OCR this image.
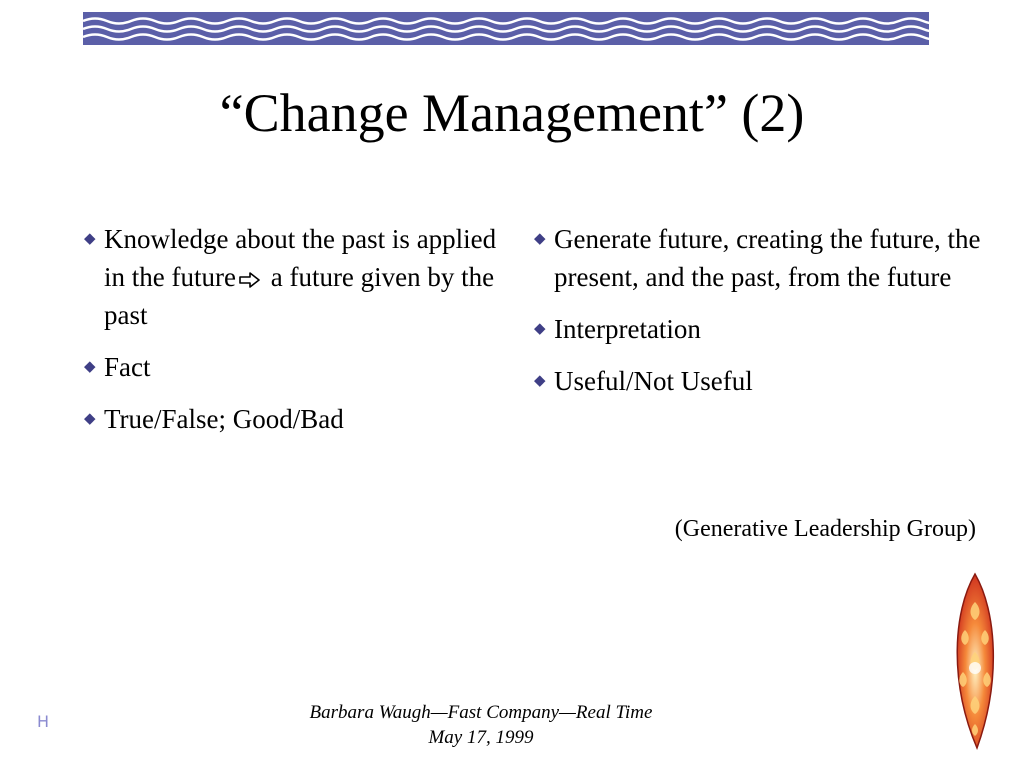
“Change Management” (2)
◆ Knowledge about the past is applied in the future a future given by the past
◆ Fact
◆ True/False; Good/Bad
◆ Generate future, creating the future, the present, and the past, from the future
◆ Interpretation
◆ Useful/Not Useful
(Generative Leadership Group)
Barbara Waugh—Fast Company—Real Time
May 17, 1999
H
